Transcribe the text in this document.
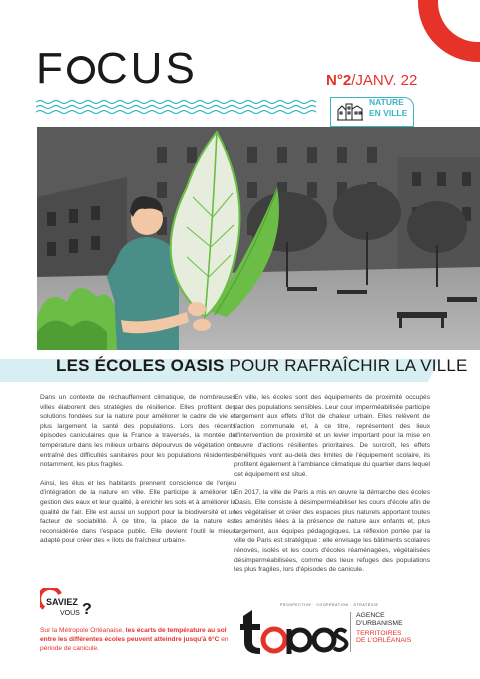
F CUS	N°2/JANV. 22
NATURE
EN VILLE
LES ÉCOLES OASIS POUR RAFRAÎCHIR LA VILLE

Dans un contexte de réchauffement climatique, de nombreuses villes élaborent des stratégies de résilience. Elles profitent des solutions fondées sur la nature pour améliorer le cadre de vie et plus largement la santé des populations. Lors des récents épisodes caniculaires que la France a traversés, la montée de température dans les milieux urbains dépourvus de végétation ont entraîné des difficultés sanitaires pour les populations résidentes, notamment, les plus fragiles.

Ainsi, les élus et les habitants prennent conscience de l'enjeu d'intégration de la nature en ville. Elle participe à améliorer la gestion des eaux et leur qualité, à enrichir les sols et à améliorer la qualité de l'air. Elle est aussi un support pour la biodiversité et un facteur de sociabilité. À ce titre, la place de la nature est reconsidérée dans l'espace public. Elle devient l'outil le mieux adapté pour créer des « îlots de fraîcheur urbain».

En ville, les écoles sont des équipements de proximité occupés par des populations sensibles. Leur cour imperméabilisée participe largement aux effets d'îlot de chaleur urbain. Elles relèvent de l'action communale et, à ce titre, représentent des lieux d'intervention de proximité et un levier important pour la mise en œuvre d'actions résilientes prioritaires. De surcroît, les effets bénéfiques vont au-delà des limites de l'équipement scolaire, ils profitent également à l'ambiance climatique du quartier dans lequel cet équipement est situé.

En 2017, la ville de Paris a mis en œuvre la démarche des écoles Oasis. Elle consiste à désimperméabiliser les cours d'école afin de les végétaliser et créer des espaces plus naturels apportant toutes les aménités liées à la présence de nature aux enfants et, plus largement, aux équipes pédagogiques. La réflexion portée par la ville de Paris est stratégique : elle envisage les bâtiments scolaires rénovés, isolés et les cours d'écoles réaménagées, végétalisées désimperméabilisées, comme des lieux refuges des populations les plus fragiles, lors d'épisodes de canicule.

SAVIEZ
VOUS ?
Sur la Métropole Orléanaise, les écarts de température au sol entre les différentes écoles peuvent atteindre jusqu'à 6°C en période de canicule.
PROSPECTIVE · COOPÉRATION · STRATÉGIE
AGENCE
D'URBANISME
TERRITOIRES
DE L'ORLÉANAIS
